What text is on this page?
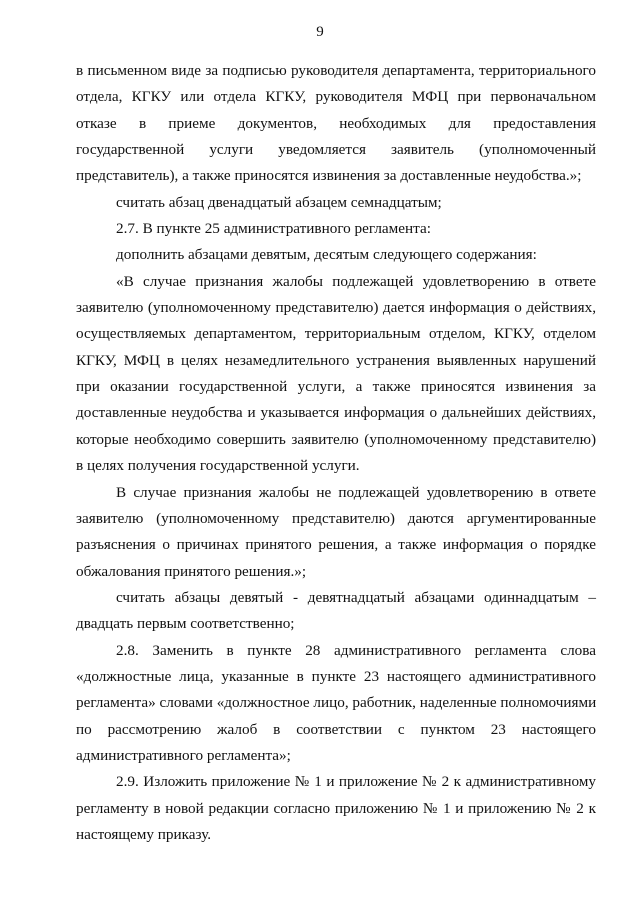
9
в письменном виде за подписью руководителя департамента, территориального
отдела, КГКУ или отдела КГКУ, руководителя МФЦ при первоначальном
отказе в приеме документов, необходимых для предоставления
государственной услуги уведомляется заявитель (уполномоченный
представитель), а также приносятся извинения за доставленные неудобства.»;
считать абзац двенадцатый абзацем семнадцатым;
2.7. В пункте 25 административного регламента:
дополнить абзацами девятым, десятым следующего содержания:
«В случае признания жалобы подлежащей удовлетворению в ответе
заявителю (уполномоченному представителю) дается информация о действиях,
осуществляемых департаментом, территориальным отделом, КГКУ, отделом
КГКУ, МФЦ в целях незамедлительного устранения выявленных нарушений
при оказании государственной услуги, а также приносятся извинения за
доставленные неудобства и указывается информация о дальнейших действиях,
которые необходимо совершить заявителю (уполномоченному представителю)
в целях получения государственной услуги.
В случае признания жалобы не подлежащей удовлетворению в ответе
заявителю (уполномоченному представителю) даются аргументированные
разъяснения о причинах принятого решения, а также информация о порядке
обжалования принятого решения.»;
считать абзацы девятый - девятнадцатый абзацами одиннадцатым –
двадцать первым соответственно;
2.8. Заменить в пункте 28 административного регламента слова
«должностные лица, указанные в пункте 23 настоящего административного
регламента» словами «должностное лицо, работник, наделенные полномочиями
по рассмотрению жалоб в соответствии с пунктом 23 настоящего
административного регламента»;
2.9. Изложить приложение № 1 и приложение № 2 к административному
регламенту в новой редакции согласно приложению № 1 и приложению № 2 к
настоящему приказу.
